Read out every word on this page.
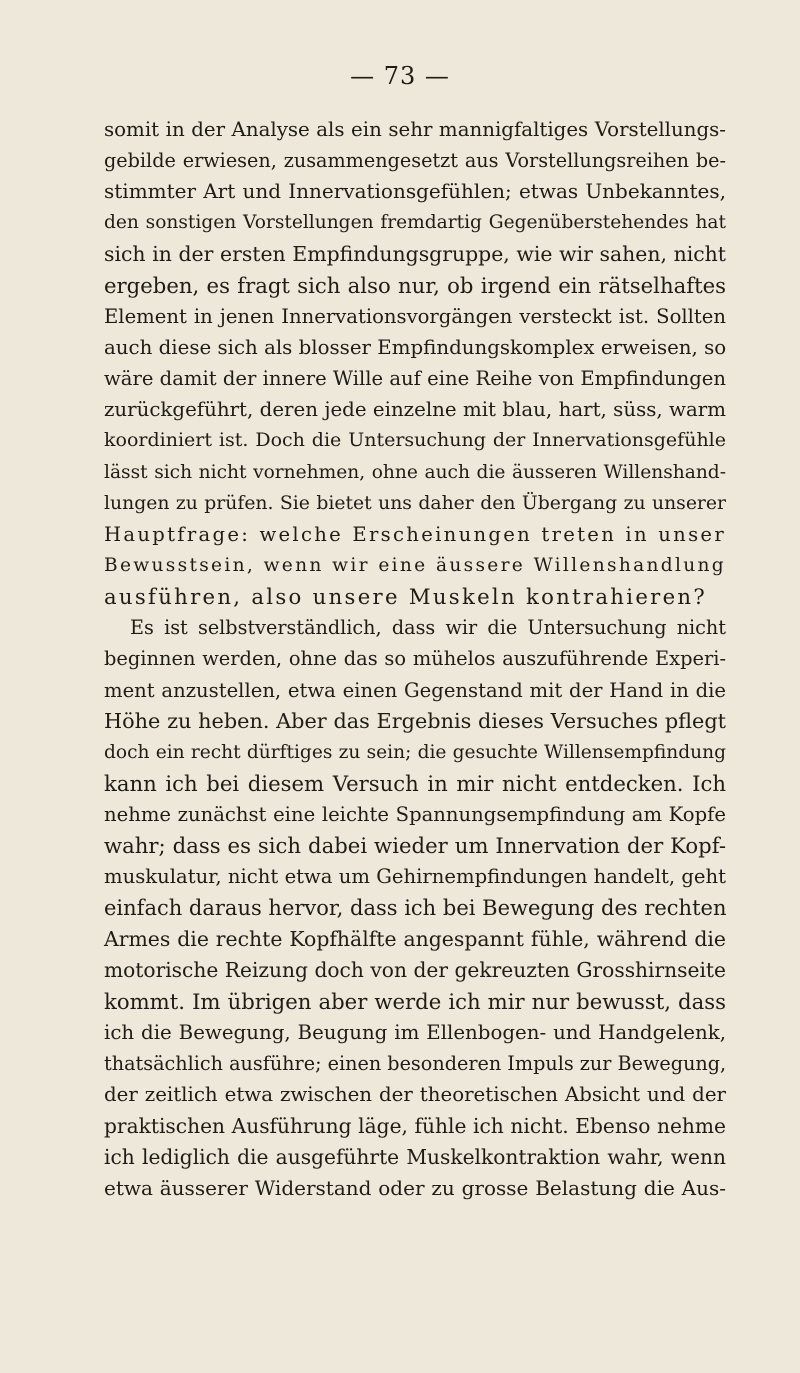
— 73 —
somit in der Analyse als ein sehr mannigfaltiges Vorstellungs-
gebilde erwiesen, zusammengesetzt aus Vorstellungsreihen be-
stimmter Art und Innervationsgefühlen; etwas Unbekanntes,
den sonstigen Vorstellungen fremdartig Gegenüberstehendes hat
sich in der ersten Empfindungsgruppe, wie wir sahen, nicht
ergeben, es fragt sich also nur, ob irgend ein rätselhaftes
Element in jenen Innervationsvorgängen versteckt ist. Sollten
auch diese sich als blosser Empfindungskomplex erweisen, so
wäre damit der innere Wille auf eine Reihe von Empfindungen
zurückgeführt, deren jede einzelne mit blau, hart, süss, warm
koordiniert ist. Doch die Untersuchung der Innervationsgefühle
lässt sich nicht vornehmen, ohne auch die äusseren Willenshand-
lungen zu prüfen. Sie bietet uns daher den Übergang zu unserer
Hauptfrage: welche Erscheinungen treten in unser
Bewusstsein, wenn wir eine äussere Willenshandlung
ausführen, also unsere Muskeln kontrahieren?
Es ist selbstverständlich, dass wir die Untersuchung nicht
beginnen werden, ohne das so mühelos auszuführende Experi-
ment anzustellen, etwa einen Gegenstand mit der Hand in die
Höhe zu heben. Aber das Ergebnis dieses Versuches pflegt
doch ein recht dürftiges zu sein; die gesuchte Willensempfindung
kann ich bei diesem Versuch in mir nicht entdecken. Ich
nehme zunächst eine leichte Spannungsempfindung am Kopfe
wahr; dass es sich dabei wieder um Innervation der Kopf-
muskulatur, nicht etwa um Gehirnempfindungen handelt, geht
einfach daraus hervor, dass ich bei Bewegung des rechten
Armes die rechte Kopfhälfte angespannt fühle, während die
motorische Reizung doch von der gekreuzten Grosshirnseite
kommt. Im übrigen aber werde ich mir nur bewusst, dass
ich die Bewegung, Beugung im Ellenbogen- und Handgelenk,
thatsächlich ausführe; einen besonderen Impuls zur Bewegung,
der zeitlich etwa zwischen der theoretischen Absicht und der
praktischen Ausführung läge, fühle ich nicht. Ebenso nehme
ich lediglich die ausgeführte Muskelkontraktion wahr, wenn
etwa äusserer Widerstand oder zu grosse Belastung die Aus-
